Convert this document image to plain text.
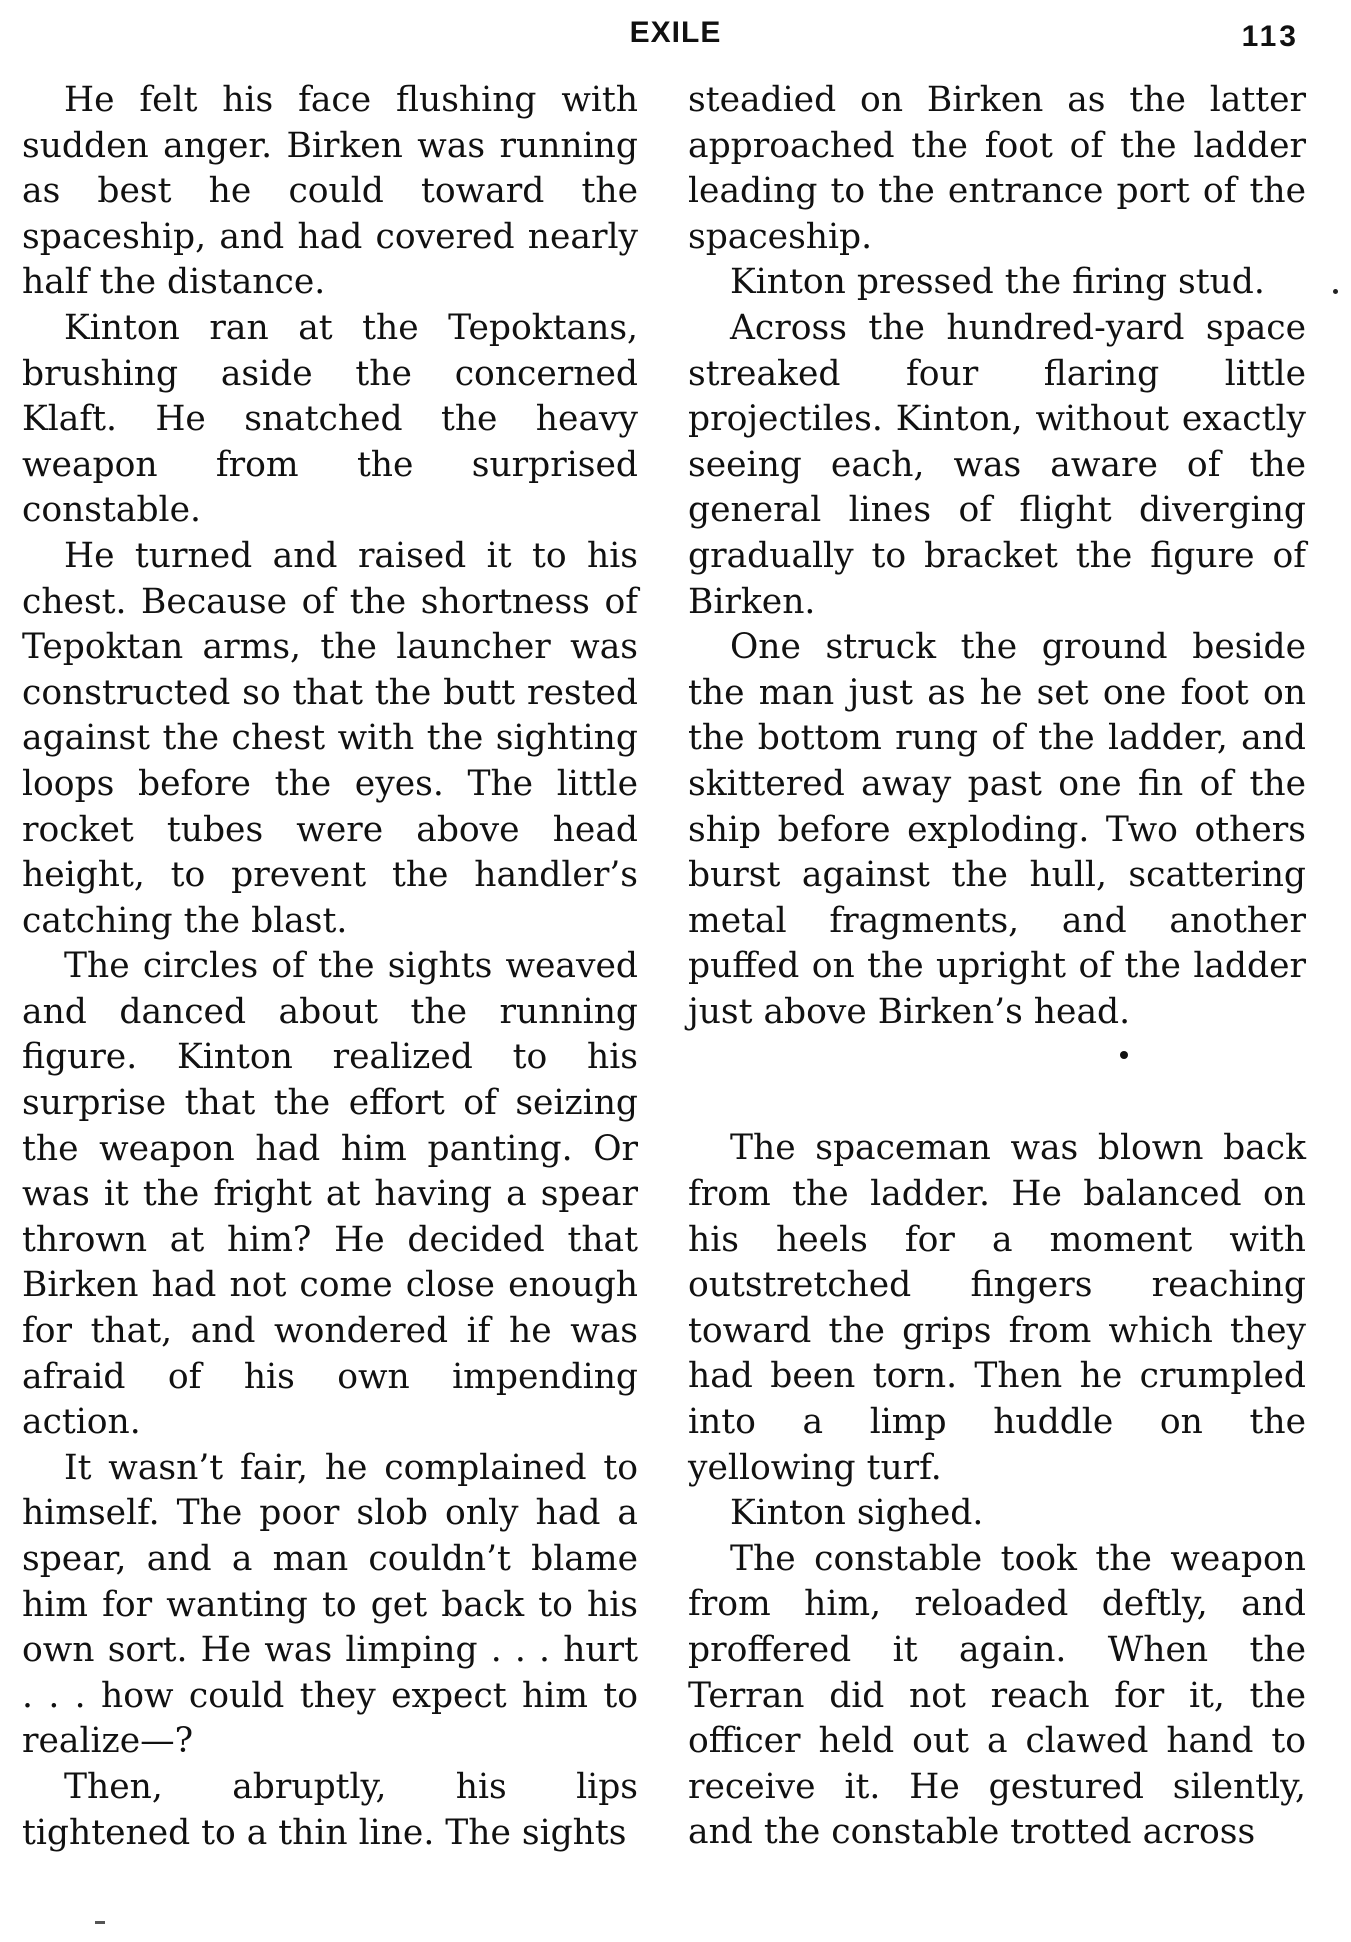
EXILE	113

He felt his face flushing with sudden anger. Birken was running as best he could toward the spaceship, and had covered nearly half the distance.

Kinton ran at the Tepoktans, brushing aside the concerned Klaft. He snatched the heavy weapon from the surprised constable.

He turned and raised it to his chest. Because of the shortness of Tepoktan arms, the launcher was constructed so that the butt rested against the chest with the sighting loops before the eyes. The little rocket tubes were above head height, to prevent the handler’s catching the blast.

The circles of the sights weaved and danced about the running figure. Kinton realized to his surprise that the effort of seizing the weapon had him panting. Or was it the fright at having a spear thrown at him? He decided that Birken had not come close enough for that, and wondered if he was afraid of his own impending action.

It wasn’t fair, he complained to himself. The poor slob only had a spear, and a man couldn’t blame him for wanting to get back to his own sort. He was limping . . . hurt . . . how could they expect him to realize—?

Then, abruptly, his lips tightened to a thin line. The sights

steadied on Birken as the latter approached the foot of the ladder leading to the entrance port of the spaceship.

Kinton pressed the firing stud.

Across the hundred-yard space streaked four flaring little projectiles. Kinton, without exactly seeing each, was aware of the general lines of flight diverging gradually to bracket the figure of Birken.

One struck the ground beside the man just as he set one foot on the bottom rung of the ladder, and skittered away past one fin of the ship before exploding. Two others burst against the hull, scattering metal fragments, and another puffed on the upright of the ladder just above Birken’s head.

The spaceman was blown back from the ladder. He balanced on his heels for a moment with outstretched fingers reaching toward the grips from which they had been torn. Then he crumpled into a limp huddle on the yellowing turf.

Kinton sighed.

The constable took the weapon from him, reloaded deftly, and proffered it again. When the Terran did not reach for it, the officer held out a clawed hand to receive it. He gestured silently, and the constable trotted across
